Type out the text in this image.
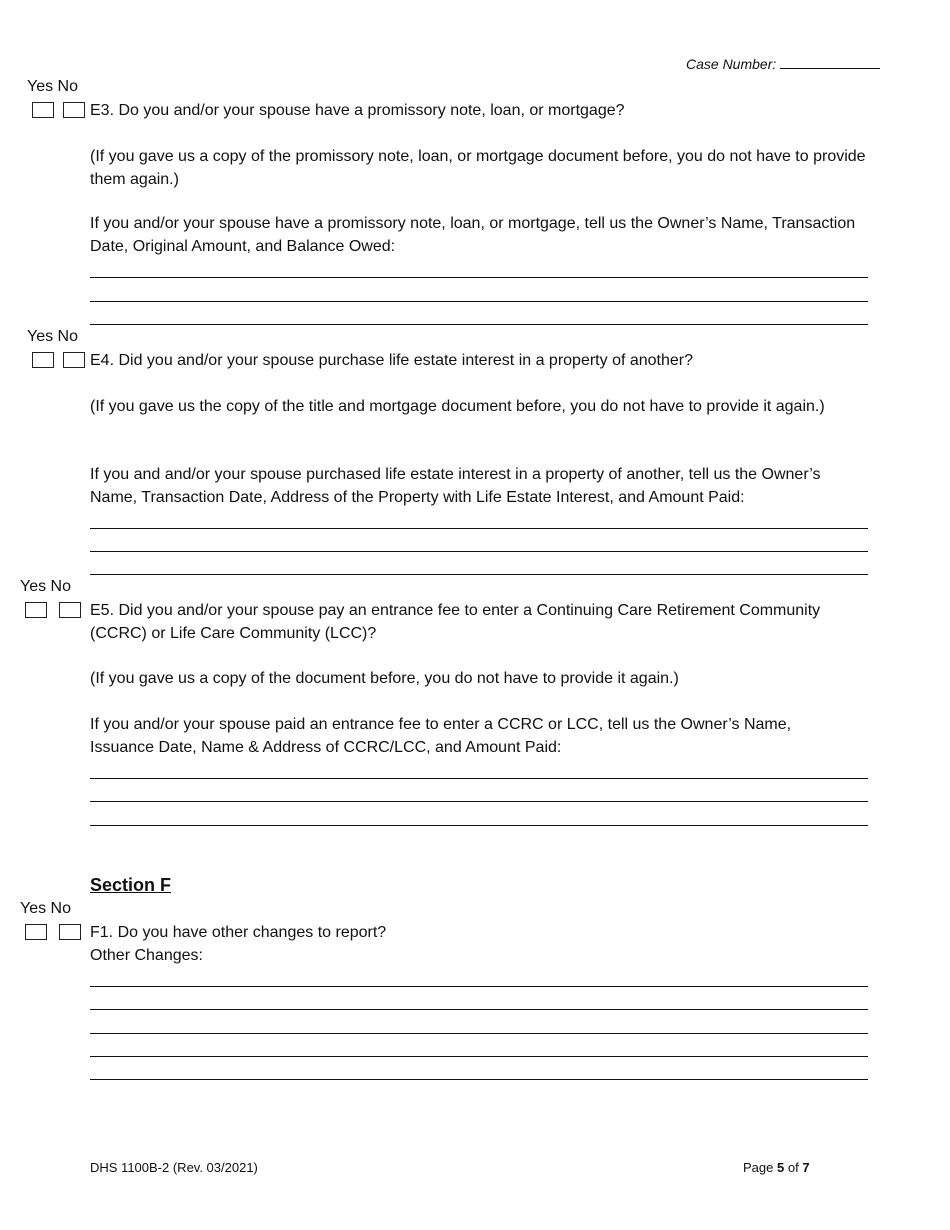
Case Number:
Yes No
E3. Do you and/or your spouse have a promissory note, loan, or mortgage?
(If you gave us a copy of the promissory note, loan, or mortgage document before, you do not have to provide them again.)
If you and/or your spouse have a promissory note, loan, or mortgage, tell us the Owner’s Name, Transaction Date, Original Amount, and Balance Owed:
Yes No
E4. Did you and/or your spouse purchase life estate interest in a property of another?
(If you gave us the copy of the title and mortgage document before, you do not have to provide it again.)
If you and and/or your spouse purchased life estate interest in a property of another, tell us the Owner’s Name, Transaction Date, Address of the Property with Life Estate Interest, and Amount Paid:
Yes No
E5. Did you and/or your spouse pay an entrance fee to enter a Continuing Care Retirement Community (CCRC) or Life Care Community (LCC)?
(If you gave us a copy of the document before, you do not have to provide it again.)
If you and/or your spouse paid an entrance fee to enter a CCRC or LCC, tell us the Owner’s Name, Issuance Date, Name & Address of CCRC/LCC, and Amount Paid:
Section F
Yes No
F1. Do you have other changes to report?
Other Changes:
DHS 1100B-2 (Rev. 03/2021)	Page 5 of 7
